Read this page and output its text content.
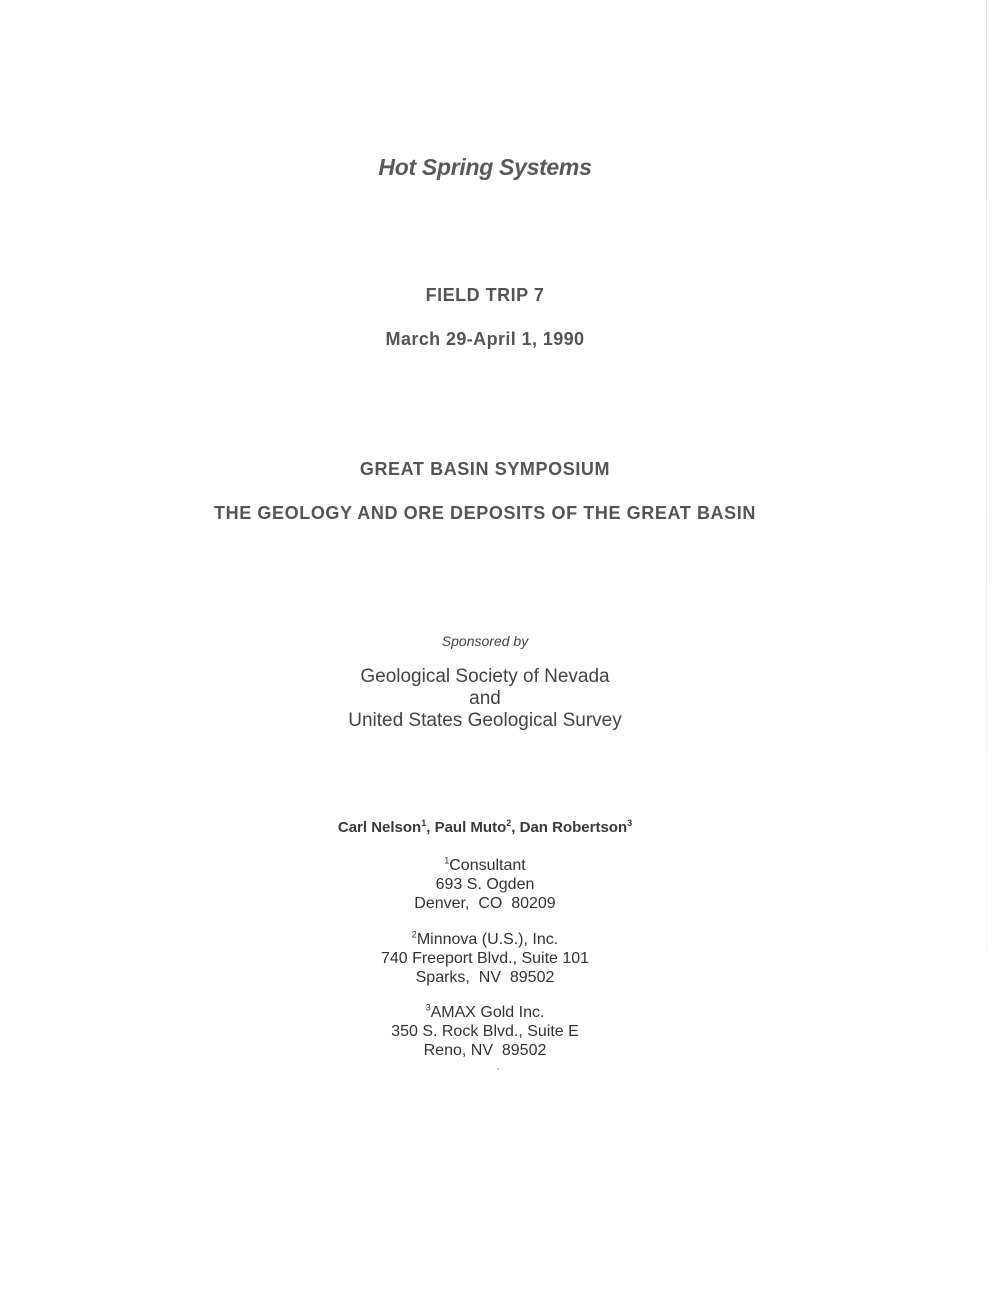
Hot Spring Systems
FIELD TRIP 7
March 29-April 1, 1990
GREAT BASIN SYMPOSIUM
THE GEOLOGY AND ORE DEPOSITS OF THE GREAT BASIN
Sponsored by
Geological Society of Nevada
and
United States Geological Survey
Carl Nelson$^1$, Paul Muto$^2$, Dan Robertson$^3$
$^1$Consultant
693 S. Ogden
Denver,  CO  80209
$^2$Minnova (U.S.), Inc.
740 Freeport Blvd., Suite 101
Sparks,  NV  89502
$^3$AMAX Gold Inc.
350 S. Rock Blvd., Suite E
Reno, NV  89502
